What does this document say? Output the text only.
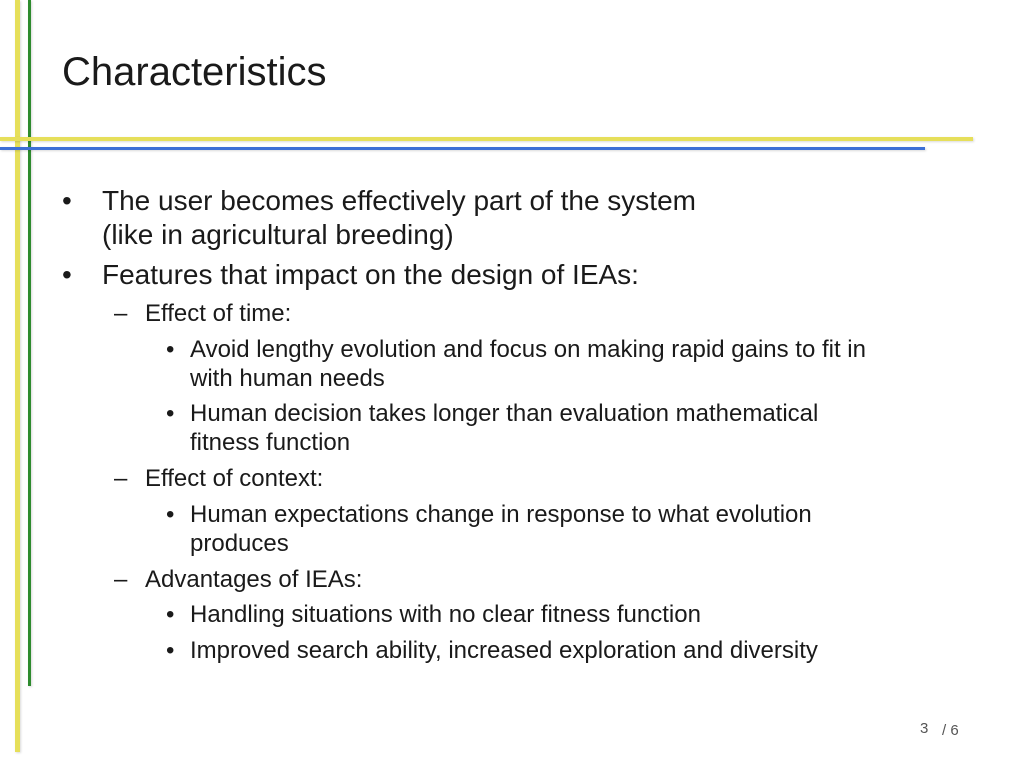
Characteristics
• The user becomes effectively part of the system
(like in agricultural breeding)
• Features that impact on the design of IEAs:
– Effect of time:
• Avoid lengthy evolution and focus on making rapid gains to fit in
with human needs
• Human decision takes longer than evaluation mathematical
fitness function
– Effect of context:
• Human expectations change in response to what evolution
produces
– Advantages of IEAs:
• Handling situations with no clear fitness function
• Improved search ability, increased exploration and diversity
3 / 6
